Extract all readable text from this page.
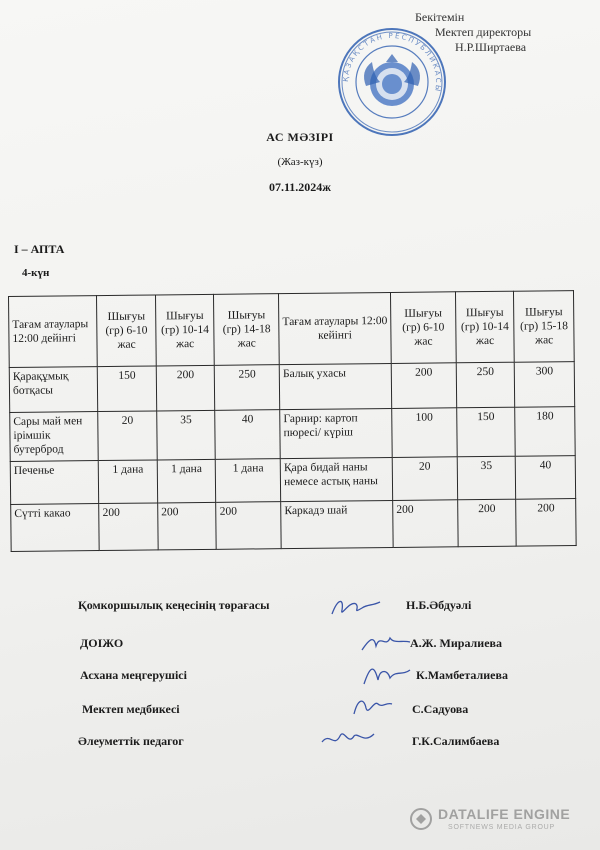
Бекітемін
Мектеп директоры
Н.Р.Ширтаева
ҚАЗАҚСТАН РЕСПУБЛИКАСЫ
АС МӘЗІРІ
(Жаз-күз)
07.11.2024ж
I – АПТА
4-күн
Тағам атаулары 12:00 дейінгі	Шығуы (гр) 6-10 жас	Шығуы (гр) 10-14 жас	Шығуы (гр) 14-18 жас	Тағам атаулары 12:00 кейінгі	Шығуы (гр) 6-10 жас	Шығуы (гр) 10-14 жас	Шығуы (гр) 15-18 жас
Қарақұмық ботқасы	150	200	250	Балық ухасы	200	250	300
Сары май мен ірімшік бутерброд	20	35	40	Гарнир: картоп пюресі/ күріш	100	150	180
Печенье	1 дана	1 дана	1 дана	Қара бидай наны немесе астық наны	20	35	40
Сүтті какао	200	200	200	Каркадэ шай	200	200	200
Қомкоршылық кеңесінің төрағасы	Н.Б.Әбдуәлі
ДОІЖО	А.Ж. Миралиева
Асхана меңгерушісі	К.Мамбеталиева
Мектеп медбикесі	С.Садуова
Әлеуметтік педагог	Г.К.Салимбаева
DATALIFE ENGINE
SOFTNEWS MEDIA GROUP
